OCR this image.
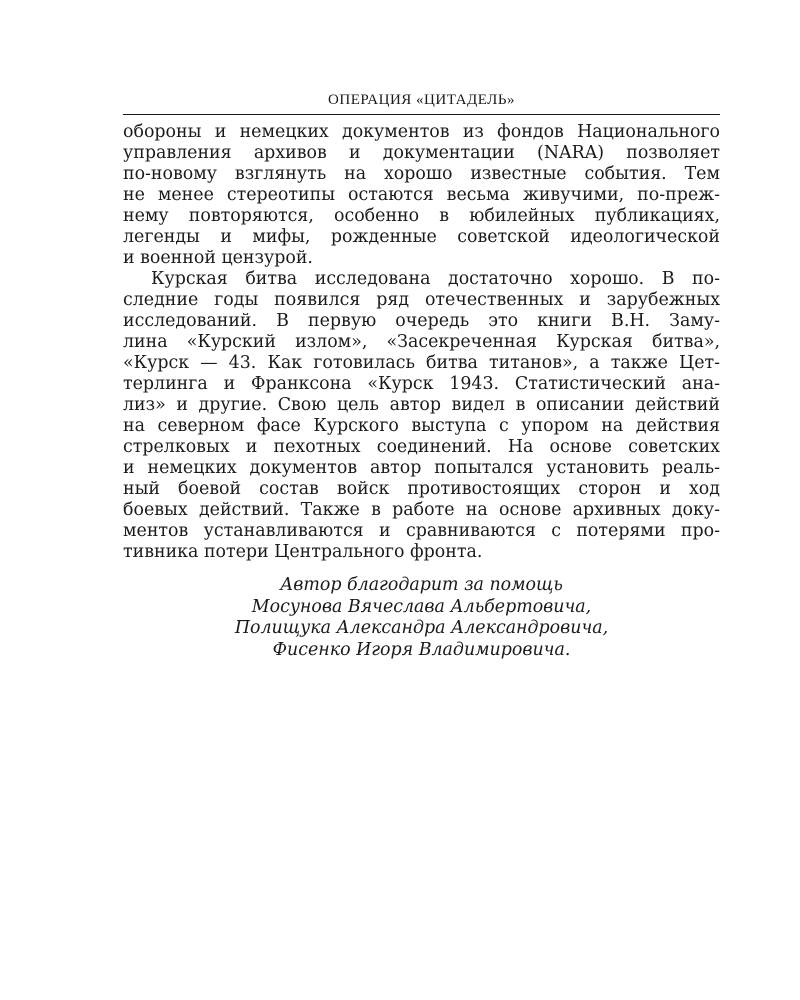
ОПЕРАЦИЯ «ЦИТАДЕЛЬ»
обороны и немецких документов из фондов Национального
управления архивов и документации (NARA) позволяет
по-новому взглянуть на хорошо известные события. Тем
не менее стереотипы остаются весьма живучими, по-преж-
нему повторяются, особенно в юбилейных публикациях,
легенды и мифы, рожденные советской идеологической
и военной цензурой.
Курская битва исследована достаточно хорошо. В по-
следние годы появился ряд отечественных и зарубежных
исследований. В первую очередь это книги В.Н. Заму-
лина «Курский излом», «Засекреченная Курская битва»,
«Курск — 43. Как готовилась битва титанов», а также Цет-
терлинга и Франксона «Курск 1943. Статистический ана-
лиз» и другие. Свою цель автор видел в описании действий
на северном фасе Курского выступа с упором на действия
стрелковых и пехотных соединений. На основе советских
и немецких документов автор попытался установить реаль-
ный боевой состав войск противостоящих сторон и ход
боевых действий. Также в работе на основе архивных доку-
ментов устанавливаются и сравниваются с потерями про-
тивника потери Центрального фронта.
Автор благодарит за помощь
Мосунова Вячеслава Альбертовича,
Полищука Александра Александровича,
Фисенко Игоря Владимировича.
